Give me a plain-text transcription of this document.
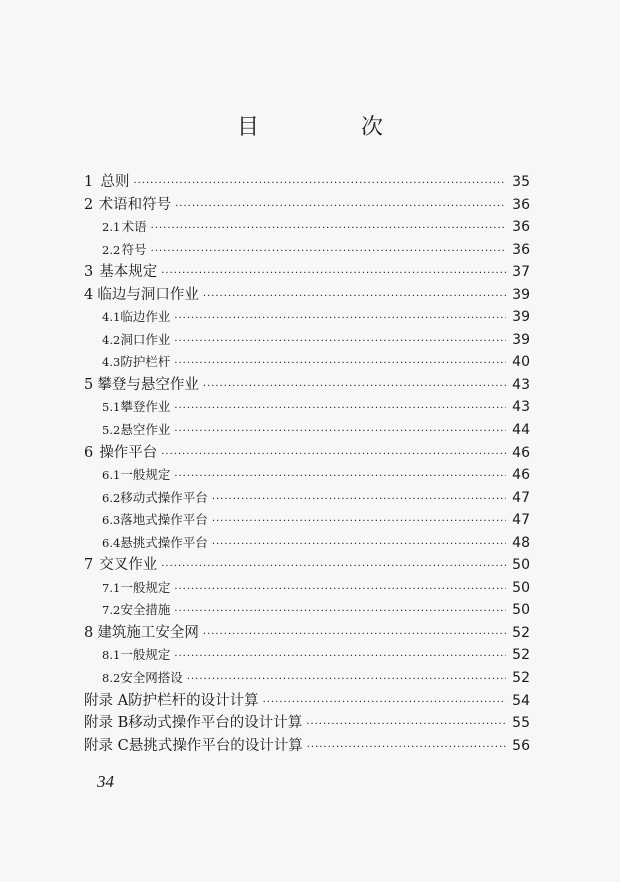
目　次
1 总则 ·····	35
2 术语和符号 ·····	36
2.1 术语 ·····	36
2.2 符号 ·····	36
3 基本规定 ·····	37
4 临边与洞口作业 ·····	39
4.1 临边作业 ·····	39
4.2 洞口作业 ·····	39
4.3 防护栏杆 ·····	40
5 攀登与悬空作业 ·····	43
5.1 攀登作业 ·····	43
5.2 悬空作业 ·····	44
6 操作平台 ·····	46
6.1 一般规定 ·····	46
6.2 移动式操作平台 ·····	47
6.3 落地式操作平台 ·····	47
6.4 悬挑式操作平台 ·····	48
7 交叉作业 ·····	50
7.1 一般规定 ·····	50
7.2 安全措施 ·····	50
8 建筑施工安全网 ·····	52
8.1 一般规定 ·····	52
8.2 安全网搭设 ·····	52
附录 A 防护栏杆的设计计算 ·····	54
附录 B 移动式操作平台的设计计算 ·····	55
附录 C 悬挑式操作平台的设计计算 ·····	56
34
